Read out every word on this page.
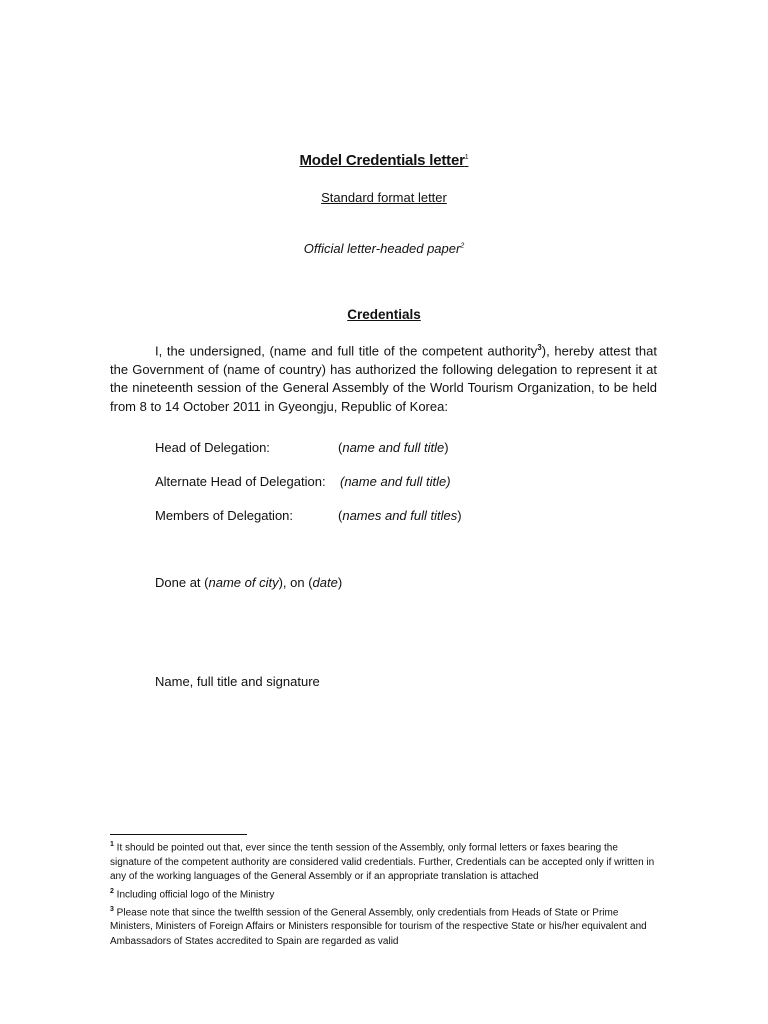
Model Credentials letter$^1$
Standard format letter
Official letter-headed paper$^2$
Credentials
I, the undersigned, (name and full title of the competent authority$^3$), hereby attest that the Government of (name of country) has authorized the following delegation to represent it at the nineteenth session of the General Assembly of the World Tourism Organization, to be held from 8 to 14 October 2011 in Gyeongju, Republic of Korea:
Head of Delegation:	(name and full title)
Alternate Head of Delegation: (name and full title)
Members of Delegation:	(names and full titles)
Done at (name of city), on (date)
Name, full title and signature

$^1$ It should be pointed out that, ever since the tenth session of the Assembly, only formal letters or faxes bearing the signature of the competent authority are considered valid credentials. Further, Credentials can be accepted only if written in any of the working languages of the General Assembly or if an appropriate translation is attached

$^2$ Including official logo of the Ministry

$^3$ Please note that since the twelfth session of the General Assembly, only credentials from Heads of State or Prime Ministers, Ministers of Foreign Affairs or Ministers responsible for tourism of the respective State or his/her equivalent and Ambassadors of States accredited to Spain are regarded as valid
